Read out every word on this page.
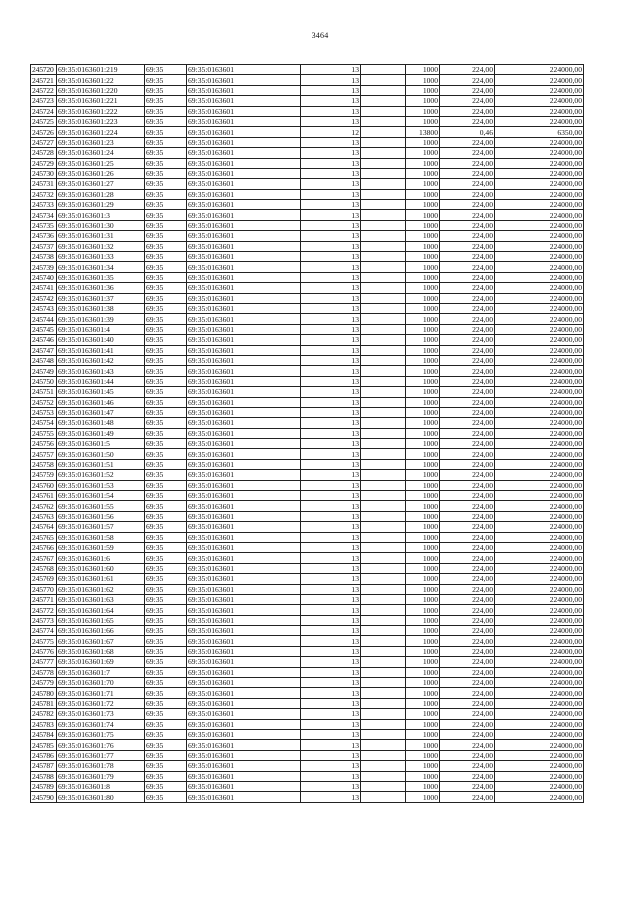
3464
245720	69:35:0163601:219	69:35	69:35:0163601	13		1000	224,00	224000,00
245721	69:35:0163601:22	69:35	69:35:0163601	13		1000	224,00	224000,00
245722	69:35:0163601:220	69:35	69:35:0163601	13		1000	224,00	224000,00
245723	69:35:0163601:221	69:35	69:35:0163601	13		1000	224,00	224000,00
245724	69:35:0163601:222	69:35	69:35:0163601	13		1000	224,00	224000,00
245725	69:35:0163601:223	69:35	69:35:0163601	13		1000	224,00	224000,00
245726	69:35:0163601:224	69:35	69:35:0163601	12		13800	0,46	6350,00
245727	69:35:0163601:23	69:35	69:35:0163601	13		1000	224,00	224000,00
245728	69:35:0163601:24	69:35	69:35:0163601	13		1000	224,00	224000,00
245729	69:35:0163601:25	69:35	69:35:0163601	13		1000	224,00	224000,00
245730	69:35:0163601:26	69:35	69:35:0163601	13		1000	224,00	224000,00
245731	69:35:0163601:27	69:35	69:35:0163601	13		1000	224,00	224000,00
245732	69:35:0163601:28	69:35	69:35:0163601	13		1000	224,00	224000,00
245733	69:35:0163601:29	69:35	69:35:0163601	13		1000	224,00	224000,00
245734	69:35:0163601:3	69:35	69:35:0163601	13		1000	224,00	224000,00
245735	69:35:0163601:30	69:35	69:35:0163601	13		1000	224,00	224000,00
245736	69:35:0163601:31	69:35	69:35:0163601	13		1000	224,00	224000,00
245737	69:35:0163601:32	69:35	69:35:0163601	13		1000	224,00	224000,00
245738	69:35:0163601:33	69:35	69:35:0163601	13		1000	224,00	224000,00
245739	69:35:0163601:34	69:35	69:35:0163601	13		1000	224,00	224000,00
245740	69:35:0163601:35	69:35	69:35:0163601	13		1000	224,00	224000,00
245741	69:35:0163601:36	69:35	69:35:0163601	13		1000	224,00	224000,00
245742	69:35:0163601:37	69:35	69:35:0163601	13		1000	224,00	224000,00
245743	69:35:0163601:38	69:35	69:35:0163601	13		1000	224,00	224000,00
245744	69:35:0163601:39	69:35	69:35:0163601	13		1000	224,00	224000,00
245745	69:35:0163601:4	69:35	69:35:0163601	13		1000	224,00	224000,00
245746	69:35:0163601:40	69:35	69:35:0163601	13		1000	224,00	224000,00
245747	69:35:0163601:41	69:35	69:35:0163601	13		1000	224,00	224000,00
245748	69:35:0163601:42	69:35	69:35:0163601	13		1000	224,00	224000,00
245749	69:35:0163601:43	69:35	69:35:0163601	13		1000	224,00	224000,00
245750	69:35:0163601:44	69:35	69:35:0163601	13		1000	224,00	224000,00
245751	69:35:0163601:45	69:35	69:35:0163601	13		1000	224,00	224000,00
245752	69:35:0163601:46	69:35	69:35:0163601	13		1000	224,00	224000,00
245753	69:35:0163601:47	69:35	69:35:0163601	13		1000	224,00	224000,00
245754	69:35:0163601:48	69:35	69:35:0163601	13		1000	224,00	224000,00
245755	69:35:0163601:49	69:35	69:35:0163601	13		1000	224,00	224000,00
245756	69:35:0163601:5	69:35	69:35:0163601	13		1000	224,00	224000,00
245757	69:35:0163601:50	69:35	69:35:0163601	13		1000	224,00	224000,00
245758	69:35:0163601:51	69:35	69:35:0163601	13		1000	224,00	224000,00
245759	69:35:0163601:52	69:35	69:35:0163601	13		1000	224,00	224000,00
245760	69:35:0163601:53	69:35	69:35:0163601	13		1000	224,00	224000,00
245761	69:35:0163601:54	69:35	69:35:0163601	13		1000	224,00	224000,00
245762	69:35:0163601:55	69:35	69:35:0163601	13		1000	224,00	224000,00
245763	69:35:0163601:56	69:35	69:35:0163601	13		1000	224,00	224000,00
245764	69:35:0163601:57	69:35	69:35:0163601	13		1000	224,00	224000,00
245765	69:35:0163601:58	69:35	69:35:0163601	13		1000	224,00	224000,00
245766	69:35:0163601:59	69:35	69:35:0163601	13		1000	224,00	224000,00
245767	69:35:0163601:6	69:35	69:35:0163601	13		1000	224,00	224000,00
245768	69:35:0163601:60	69:35	69:35:0163601	13		1000	224,00	224000,00
245769	69:35:0163601:61	69:35	69:35:0163601	13		1000	224,00	224000,00
245770	69:35:0163601:62	69:35	69:35:0163601	13		1000	224,00	224000,00
245771	69:35:0163601:63	69:35	69:35:0163601	13		1000	224,00	224000,00
245772	69:35:0163601:64	69:35	69:35:0163601	13		1000	224,00	224000,00
245773	69:35:0163601:65	69:35	69:35:0163601	13		1000	224,00	224000,00
245774	69:35:0163601:66	69:35	69:35:0163601	13		1000	224,00	224000,00
245775	69:35:0163601:67	69:35	69:35:0163601	13		1000	224,00	224000,00
245776	69:35:0163601:68	69:35	69:35:0163601	13		1000	224,00	224000,00
245777	69:35:0163601:69	69:35	69:35:0163601	13		1000	224,00	224000,00
245778	69:35:0163601:7	69:35	69:35:0163601	13		1000	224,00	224000,00
245779	69:35:0163601:70	69:35	69:35:0163601	13		1000	224,00	224000,00
245780	69:35:0163601:71	69:35	69:35:0163601	13		1000	224,00	224000,00
245781	69:35:0163601:72	69:35	69:35:0163601	13		1000	224,00	224000,00
245782	69:35:0163601:73	69:35	69:35:0163601	13		1000	224,00	224000,00
245783	69:35:0163601:74	69:35	69:35:0163601	13		1000	224,00	224000,00
245784	69:35:0163601:75	69:35	69:35:0163601	13		1000	224,00	224000,00
245785	69:35:0163601:76	69:35	69:35:0163601	13		1000	224,00	224000,00
245786	69:35:0163601:77	69:35	69:35:0163601	13		1000	224,00	224000,00
245787	69:35:0163601:78	69:35	69:35:0163601	13		1000	224,00	224000,00
245788	69:35:0163601:79	69:35	69:35:0163601	13		1000	224,00	224000,00
245789	69:35:0163601:8	69:35	69:35:0163601	13		1000	224,00	224000,00
245790	69:35:0163601:80	69:35	69:35:0163601	13		1000	224,00	224000,00
